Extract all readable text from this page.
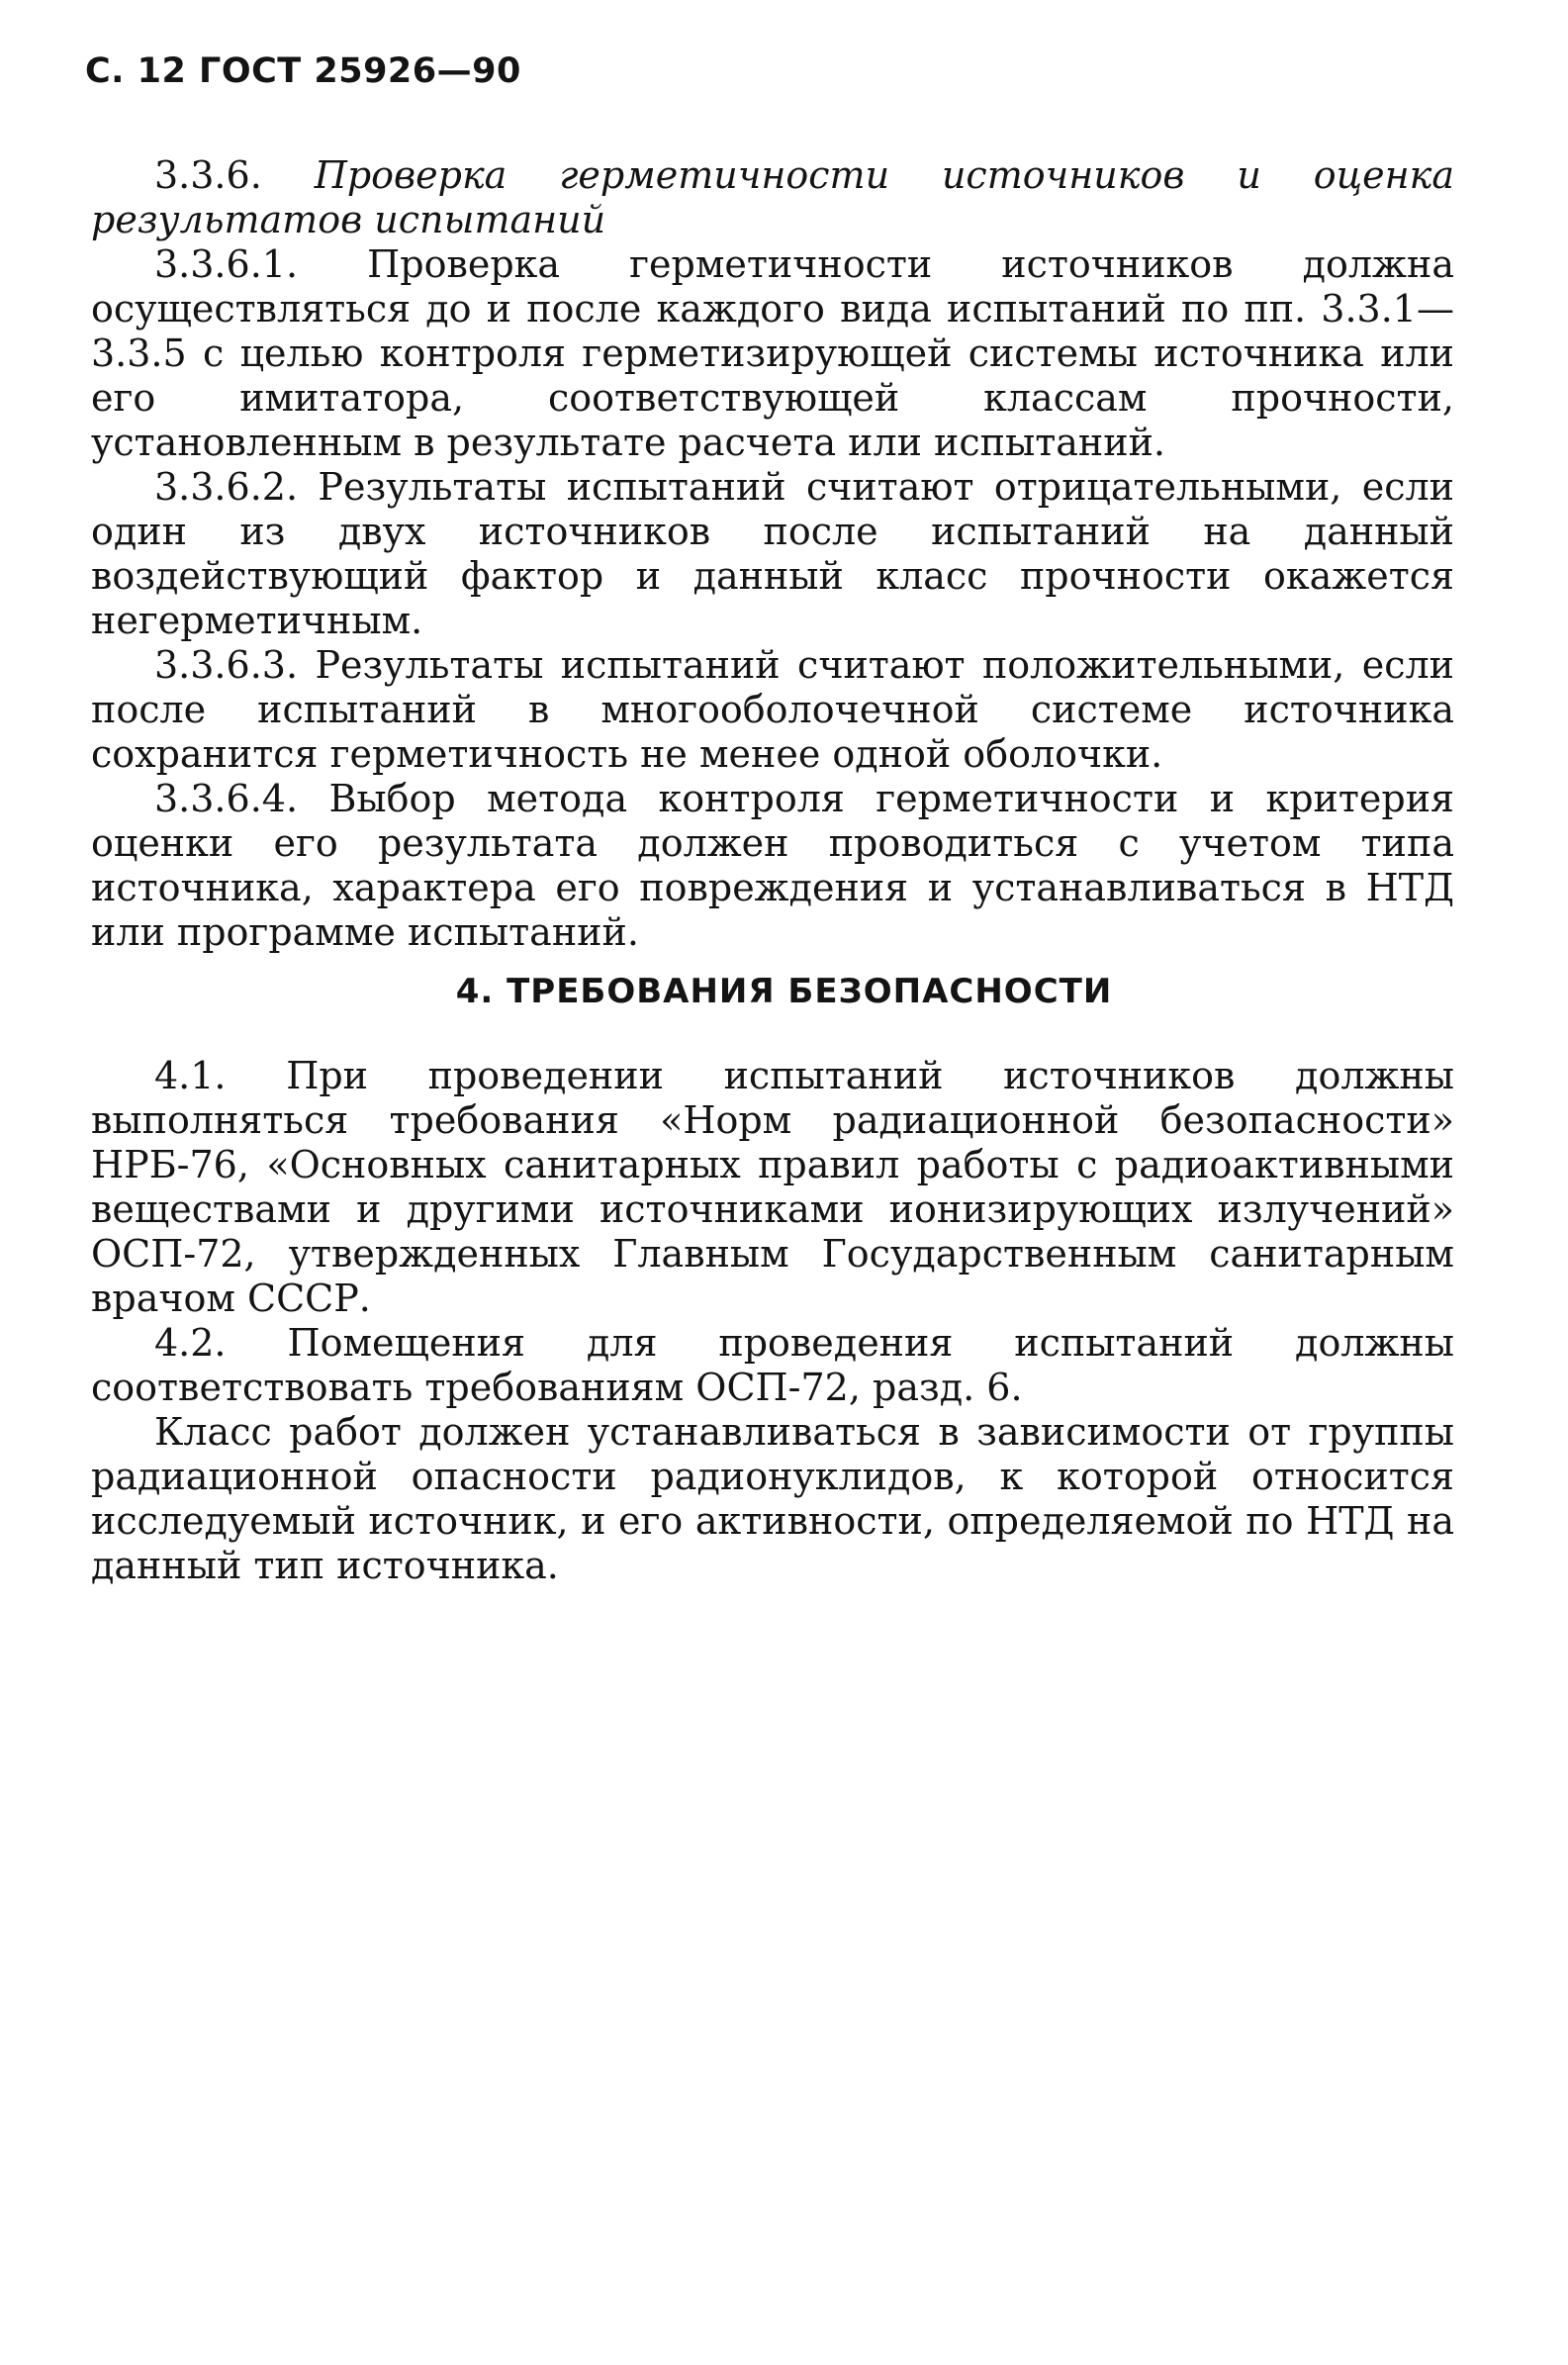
С. 12 ГОСТ 25926—90

3.3.6. Проверка герметичности источников и оценка результатов испытаний

3.3.6.1. Проверка герметичности источников должна осуществляться до и после каждого вида испытаний по пп. 3.3.1—3.3.5 с целью контроля герметизирующей системы источника или его имитатора, соответствующей классам прочности, установленным в результате расчета или испытаний.

3.3.6.2. Результаты испытаний считают отрицательными, если один из двух источников после испытаний на данный воздействующий фактор и данный класс прочности окажется негерметичным.

3.3.6.3. Результаты испытаний считают положительными, если после испытаний в многооболочечной системе источника сохранится герметичность не менее одной оболочки.

3.3.6.4. Выбор метода контроля герметичности и критерия оценки его результата должен проводиться с учетом типа источника, характера его повреждения и устанавливаться в НТД или программе испытаний.

4. ТРЕБОВАНИЯ БЕЗОПАСНОСТИ

4.1. При проведении испытаний источников должны выполняться требования «Норм радиационной безопасности» НРБ-76, «Основных санитарных правил работы с радиоактивными веществами и другими источниками ионизирующих излучений» ОСП-72, утвержденных Главным Государственным санитарным врачом СССР.

4.2. Помещения для проведения испытаний должны соответствовать требованиям ОСП-72, разд. 6.

Класс работ должен устанавливаться в зависимости от группы радиационной опасности радионуклидов, к которой относится исследуемый источник, и его активности, определяемой по НТД на данный тип источника.
